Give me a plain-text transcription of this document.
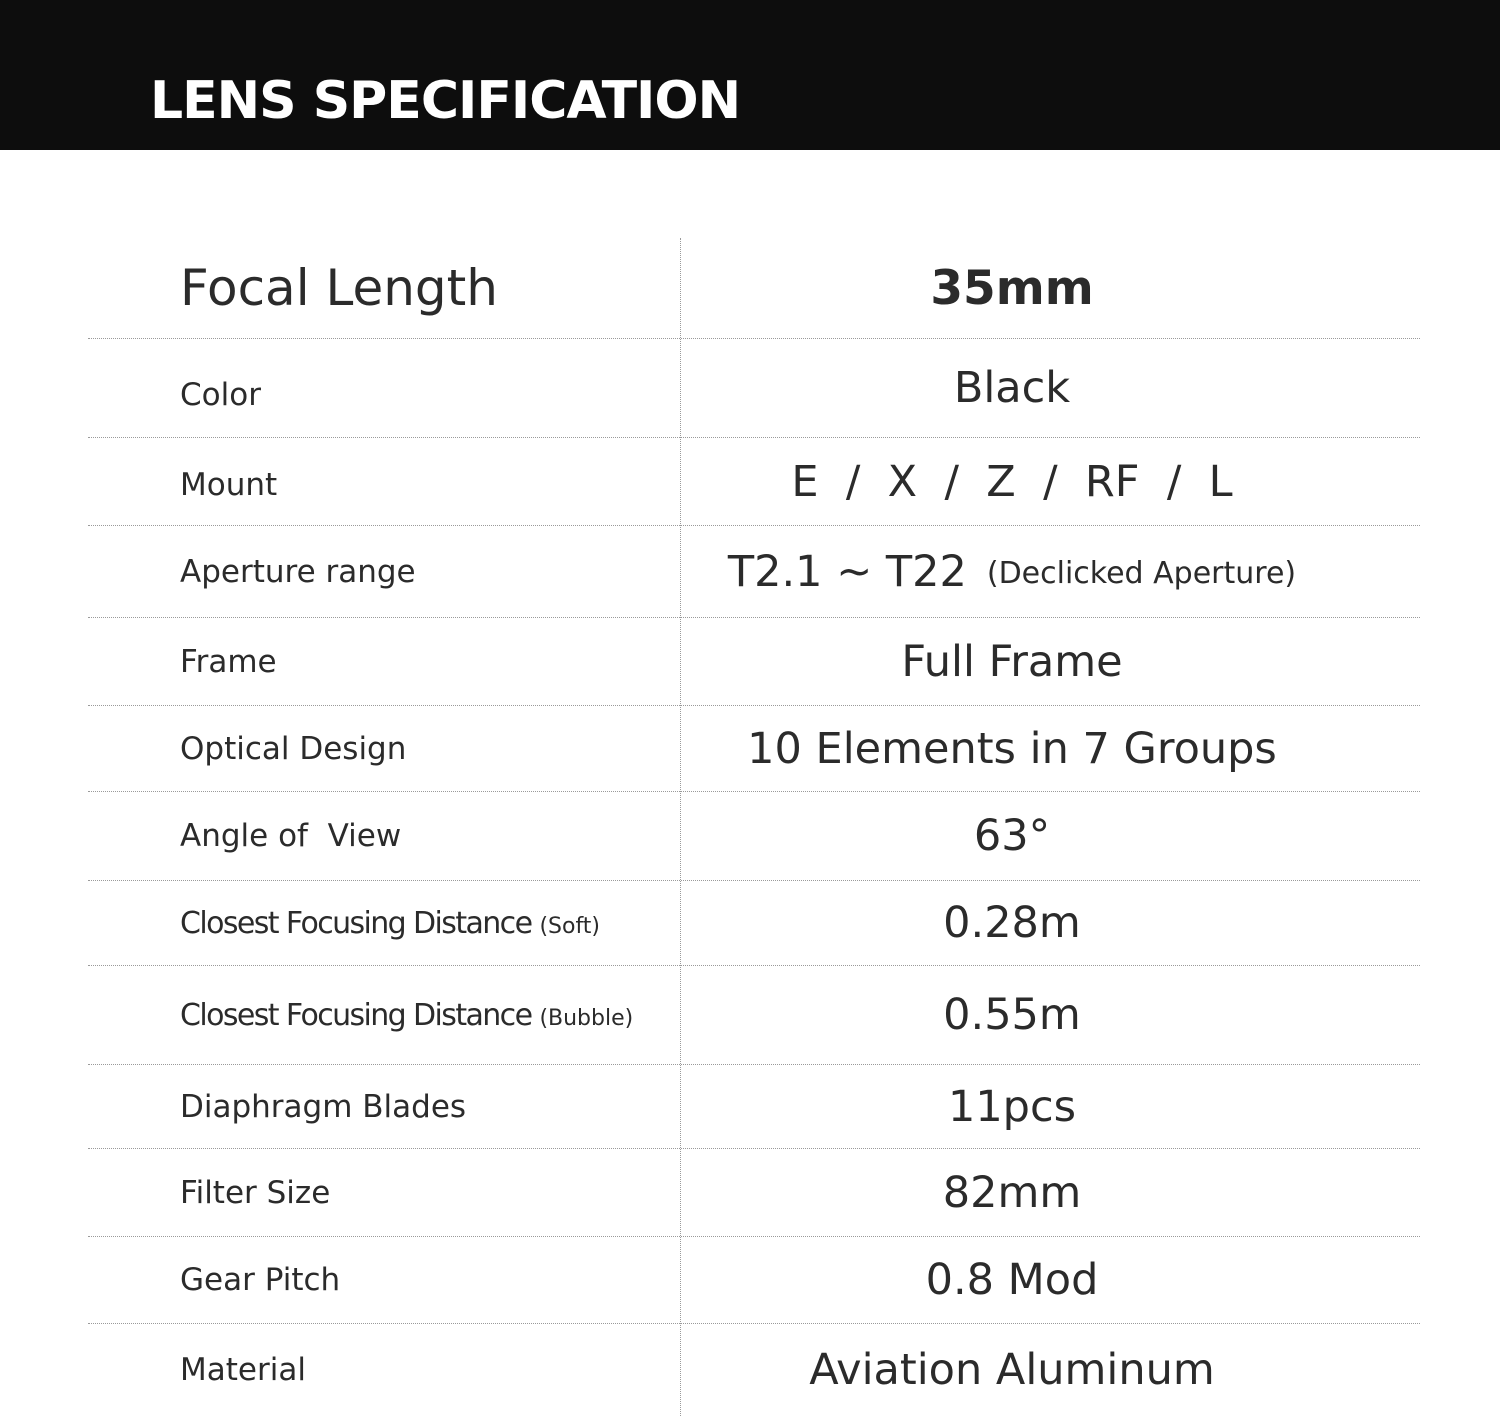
LENS SPECIFICATION
Focal Length	35mm
Color	Black
Mount	E  /  X  /  Z  /  RF  /  L
Aperture range	T2.1 ~ T22 (Declicked Aperture)
Frame	Full Frame
Optical Design	10 Elements in 7 Groups
Angle of  View	63°
Closest Focusing Distance (Soft)	0.28m
Closest Focusing Distance (Bubble)	0.55m
Diaphragm Blades	11pcs
Filter Size	82mm
Gear Pitch	0.8 Mod
Material	Aviation Aluminum
